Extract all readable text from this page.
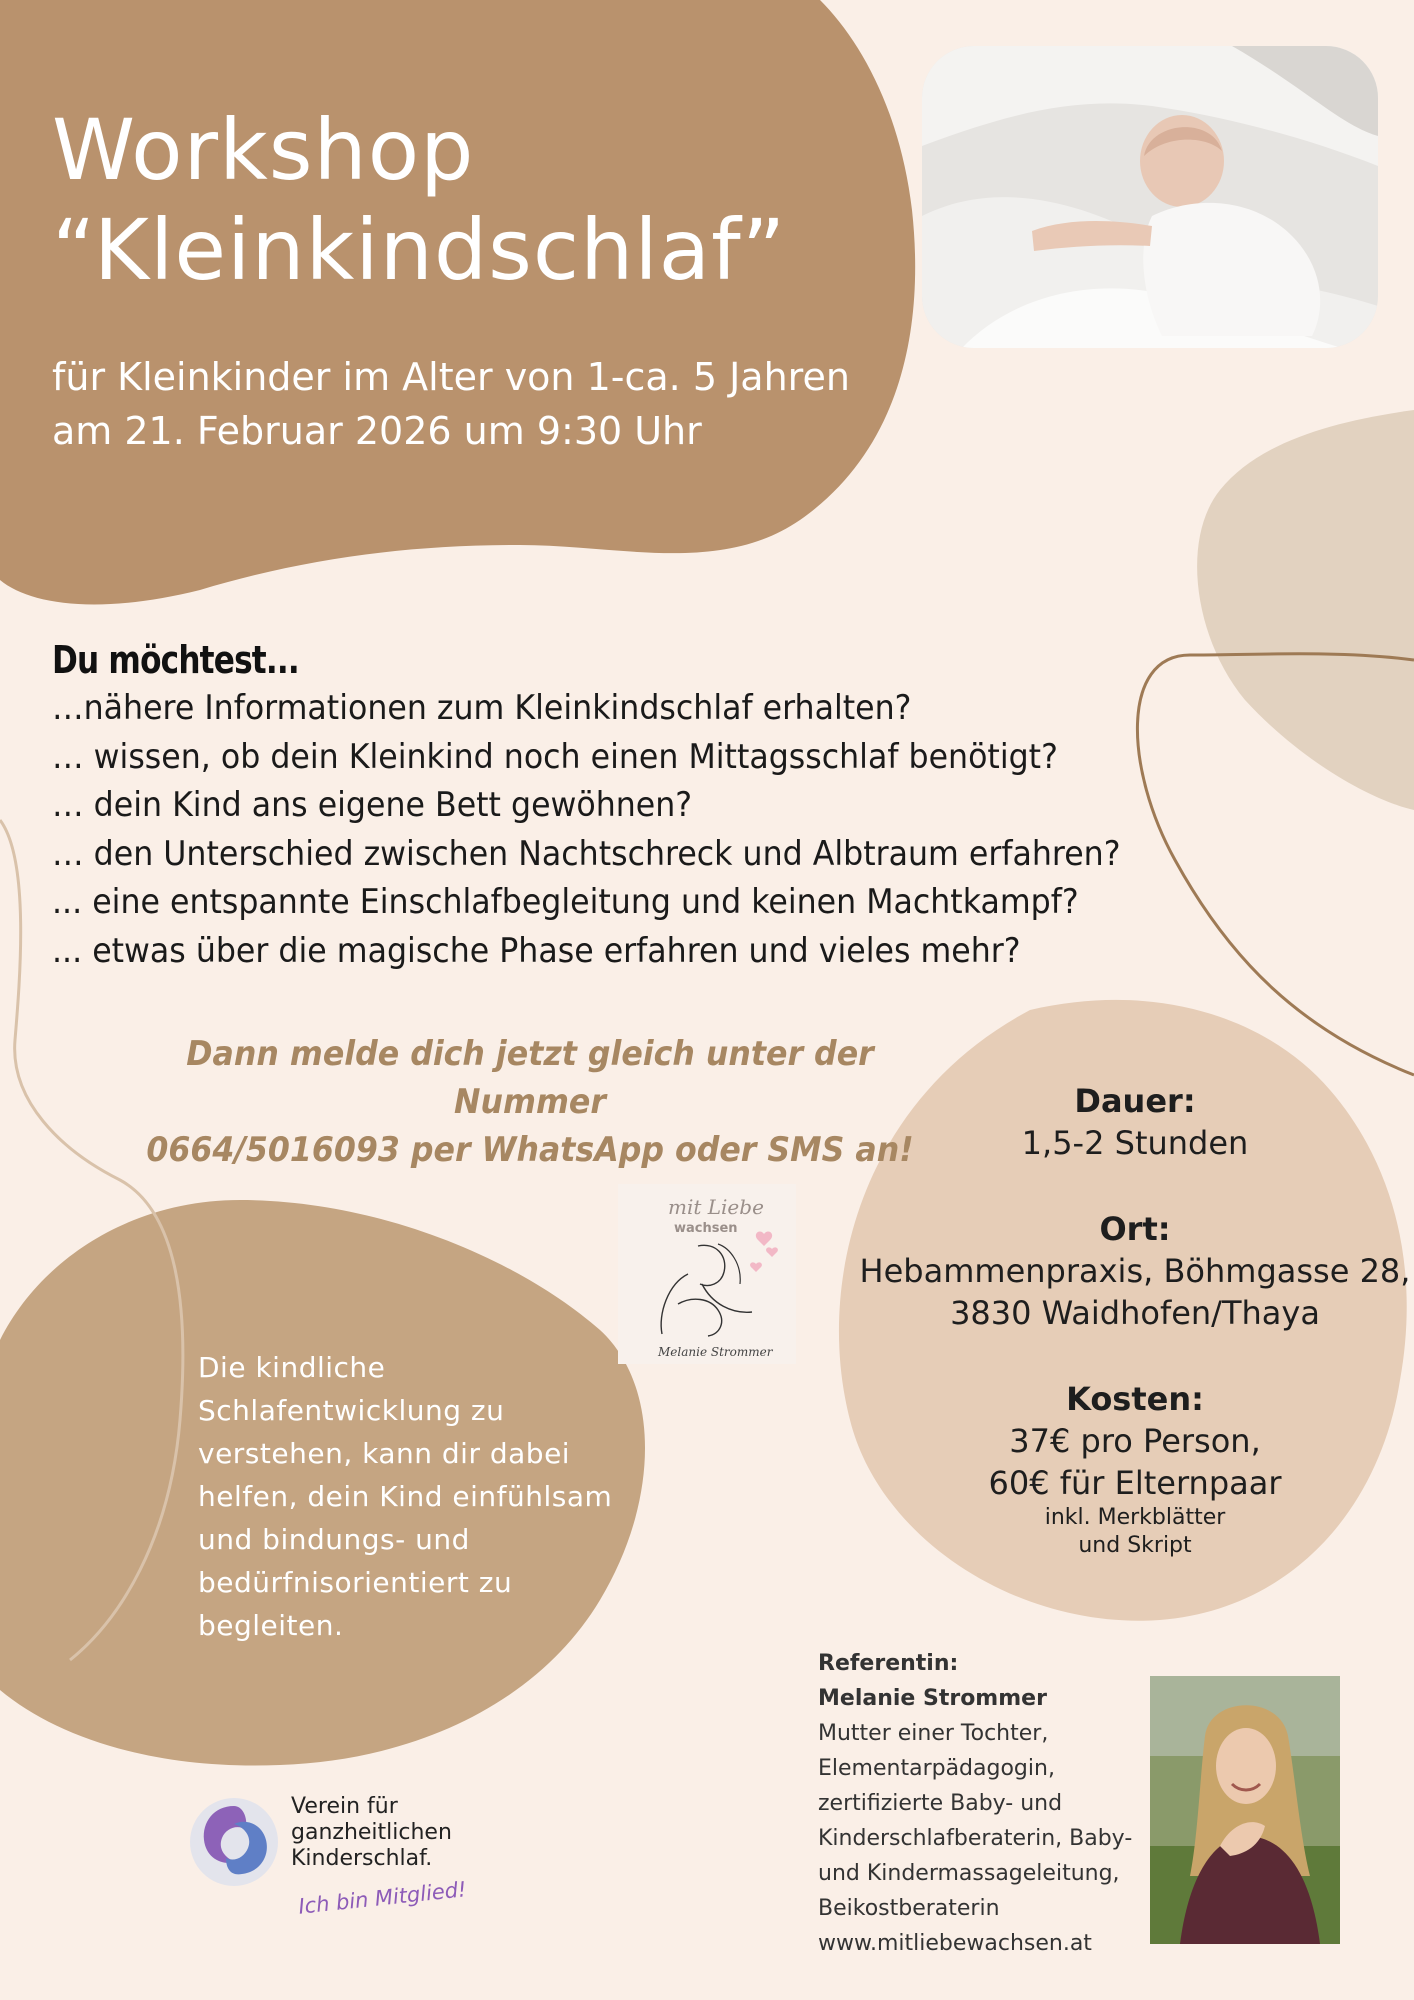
Workshop
“Kleinkindschlaf”
für Kleinkinder im Alter von 1-ca. 5 Jahren
am 21. Februar 2026 um 9:30 Uhr
Du möchtest...
…nähere Informationen zum Kleinkindschlaf erhalten?
… wissen, ob dein Kleinkind noch einen Mittagsschlaf benötigt?
… dein Kind ans eigene Bett gewöhnen?
… den Unterschied zwischen Nachtschreck und Albtraum erfahren?
... eine entspannte Einschlafbegleitung und keinen Machtkampf?
... etwas über die magische Phase erfahren und vieles mehr?
Dann melde dich jetzt gleich unter der Nummer
0664/5016093 per WhatsApp oder SMS an!
Dauer:
1,5-2 Stunden
Ort:
Hebammenpraxis, Böhmgasse 28,
3830 Waidhofen/Thaya
Kosten:
37€ pro Person,
60€ für Elternpaar
inkl. Merkblätter
und Skript
mit Liebe
wachsen
Melanie Strommer
Die kindliche
Schlafentwicklung zu
verstehen, kann dir dabei
helfen, dein Kind einfühlsam
und bindungs- und
bedürfnisorientiert zu
begleiten.
Referentin:
Melanie Strommer
Mutter einer Tochter,
Elementarpädagogin,
zertifizierte Baby- und
Kinderschlafberaterin, Baby-
und Kindermassageleitung,
Beikostberaterin
www.mitliebewachsen.at
Verein für
ganzheitlichen
Kinderschlaf.
Ich bin Mitglied!
